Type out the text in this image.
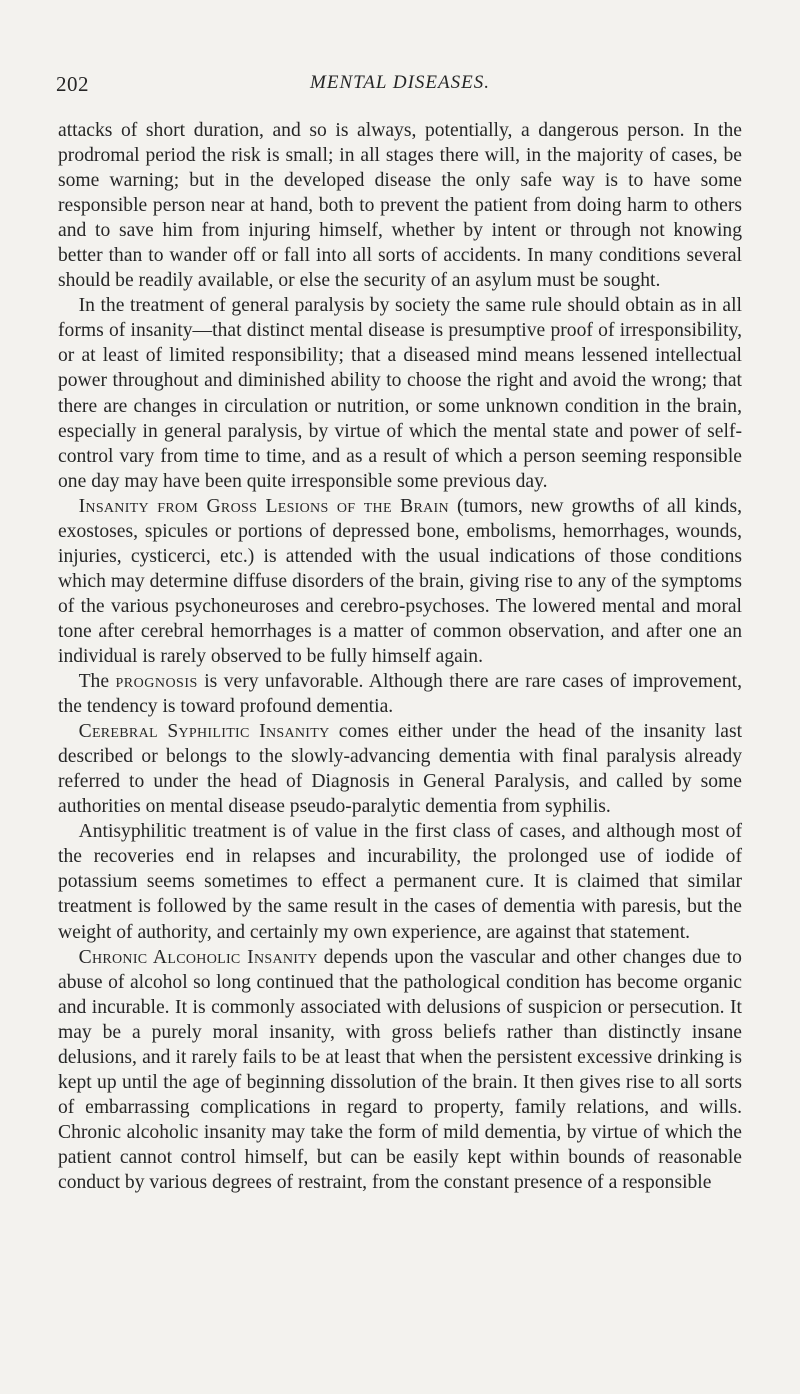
202	MENTAL DISEASES.

attacks of short duration, and so is always, potentially, a dangerous person. In the prodromal period the risk is small; in all stages there will, in the majority of cases, be some warning; but in the developed disease the only safe way is to have some responsible person near at hand, both to prevent the patient from doing harm to others and to save him from injuring himself, whether by intent or through not knowing better than to wander off or fall into all sorts of accidents. In many conditions several should be readily available, or else the security of an asylum must be sought.

In the treatment of general paralysis by society the same rule should obtain as in all forms of insanity—that distinct mental disease is presumptive proof of irresponsibility, or at least of limited responsibility; that a diseased mind means lessened intellectual power throughout and diminished ability to choose the right and avoid the wrong; that there are changes in circulation or nutrition, or some unknown condition in the brain, especially in general paralysis, by virtue of which the mental state and power of self-control vary from time to time, and as a result of which a person seeming responsible one day may have been quite irresponsible some previous day.

Insanity from Gross Lesions of the Brain (tumors, new growths of all kinds, exostoses, spicules or portions of depressed bone, embolisms, hemorrhages, wounds, injuries, cysticerci, etc.) is attended with the usual indications of those conditions which may determine diffuse disorders of the brain, giving rise to any of the symptoms of the various psychoneuroses and cerebro-psychoses. The lowered mental and moral tone after cerebral hemorrhages is a matter of common observation, and after one an individual is rarely observed to be fully himself again.

The prognosis is very unfavorable. Although there are rare cases of improvement, the tendency is toward profound dementia.

Cerebral Syphilitic Insanity comes either under the head of the insanity last described or belongs to the slowly-advancing dementia with final paralysis already referred to under the head of Diagnosis in General Paralysis, and called by some authorities on mental disease pseudo-paralytic dementia from syphilis.

Antisyphilitic treatment is of value in the first class of cases, and although most of the recoveries end in relapses and incurability, the prolonged use of iodide of potassium seems sometimes to effect a permanent cure. It is claimed that similar treatment is followed by the same result in the cases of dementia with paresis, but the weight of authority, and certainly my own experience, are against that statement.

Chronic Alcoholic Insanity depends upon the vascular and other changes due to abuse of alcohol so long continued that the pathological condition has become organic and incurable. It is commonly associated with delusions of suspicion or persecution. It may be a purely moral insanity, with gross beliefs rather than distinctly insane delusions, and it rarely fails to be at least that when the persistent excessive drinking is kept up until the age of beginning dissolution of the brain. It then gives rise to all sorts of embarrassing complications in regard to property, family relations, and wills. Chronic alcoholic insanity may take the form of mild dementia, by virtue of which the patient cannot control himself, but can be easily kept within bounds of reasonable conduct by various degrees of restraint, from the constant presence of a responsible
